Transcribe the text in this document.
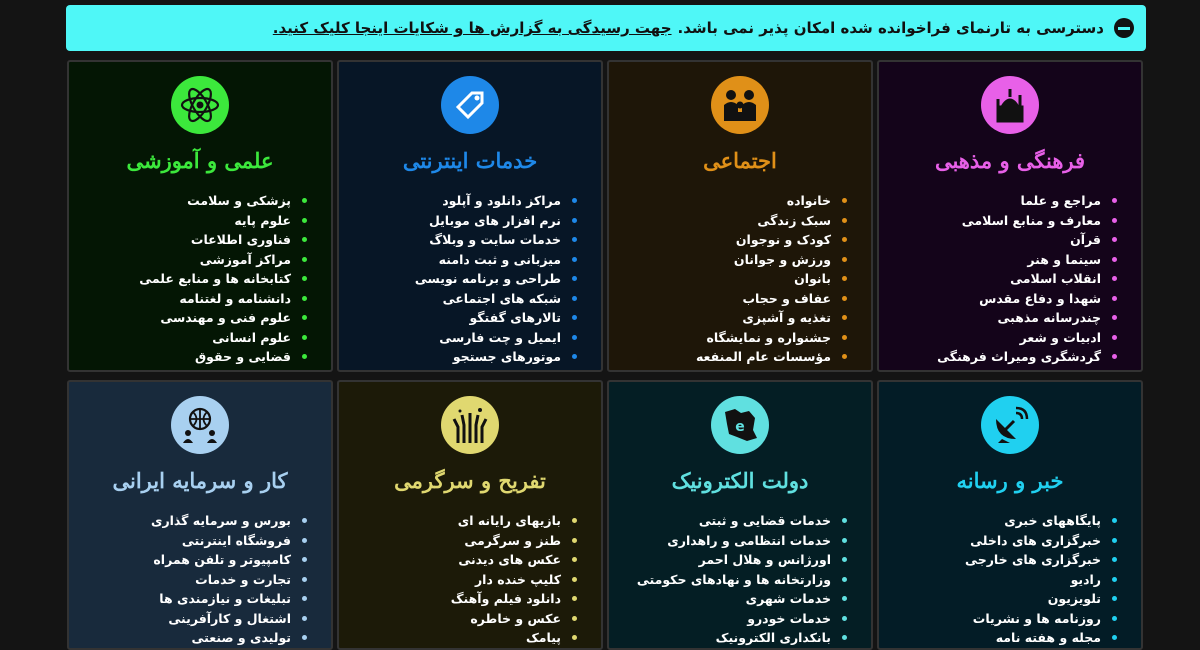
دسترسی به تارنمای فراخوانده شده امکان پذیر نمی باشد.
جهت رسیدگی به گزارش ها و شکایات اینجا کلیک کنید.
فرهنگی و مذهبی
مراجع و علما
معارف و منابع اسلامی
قرآن
سینما و هنر
انقلاب اسلامی
شهدا و دفاع مقدس
چندرسانه مذهبی
ادبیات و شعر
گردشگری ومیراث فرهنگی
اجتماعی
خانواده
سبک زندگی
کودک و نوجوان
ورزش و جوانان
بانوان
عفاف و حجاب
تغذیه و آشپزی
جشنواره و نمایشگاه
مؤسسات عام المنفعه
خدمات اینترنتی
مراکز دانلود و آپلود
نرم افزار های موبایل
خدمات سایت و وبلاگ
میزبانی و ثبت دامنه
طراحی و برنامه نویسی
شبکه های اجتماعی
تالارهای گفتگو
ایمیل و چت فارسی
موتورهای جستجو
علمی و آموزشی
پزشکی و سلامت
علوم پایه
فناوری اطلاعات
مراکز آموزشی
کتابخانه ها و منابع علمی
دانشنامه و لغتنامه
علوم فنی و مهندسی
علوم انسانی
قضایی و حقوق
خبر و رسانه
پایگاههای خبری
خبرگزاری های داخلی
خبرگزاری های خارجی
رادیو
تلویزیون
روزنامه ها و نشریات
مجله و هفته نامه
e
دولت الکترونیک
خدمات قضایی و ثبتی
خدمات انتظامی و راهداری
اورژانس و هلال احمر
وزارتخانه ها و نهادهای حکومتی
خدمات شهری
خدمات خودرو
بانکداری الکترونیک
تفریح و سرگرمی
بازیهای رایانه ای
طنز و سرگرمی
عکس های دیدنی
کلیپ خنده دار
دانلود فیلم وآهنگ
عکس و خاطره
پیامک
کار و سرمایه ایرانی
بورس و سرمایه گذاری
فروشگاه اینترنتی
کامپیوتر و تلفن همراه
تجارت و خدمات
تبلیغات و نیازمندی ها
اشتغال و کارآفرینی
تولیدی و صنعتی
